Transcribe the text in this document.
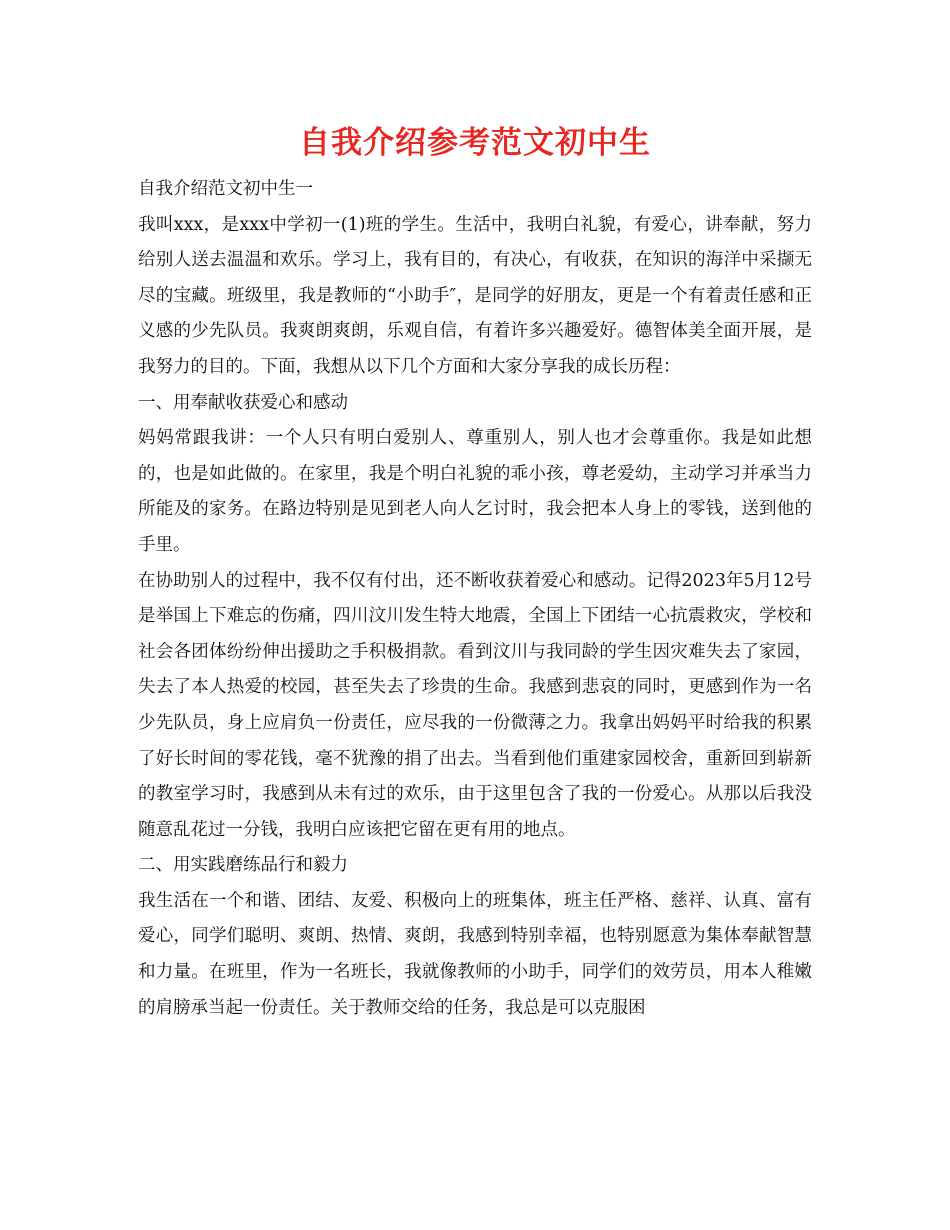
自我介绍参考范文初中生

自我介绍范文初中生一

我叫xxx，是xxx中学初一(1)班的学生。生活中，我明白礼貌，有爱心，讲奉献，努力给别人送去温温和欢乐。学习上，我有目的，有决心，有收获，在知识的海洋中采撷无尽的宝藏。班级里，我是教师的“小助手″，是同学的好朋友，更是一个有着责任感和正义感的少先队员。我爽朗爽朗，乐观自信，有着许多兴趣爱好。德智体美全面开展，是我努力的目的。下面，我想从以下几个方面和大家分享我的成长历程：

一、用奉献收获爱心和感动

妈妈常跟我讲：一个人只有明白爱别人、尊重别人，别人也才会尊重你。我是如此想的，也是如此做的。在家里，我是个明白礼貌的乖小孩，尊老爱幼，主动学习并承当力所能及的家务。在路边特别是见到老人向人乞讨时，我会把本人身上的零钱，送到他的手里。

在协助别人的过程中，我不仅有付出，还不断收获着爱心和感动。记得2023年5月12号是举国上下难忘的伤痛，四川汶川发生特大地震，全国上下团结一心抗震救灾，学校和社会各团体纷纷伸出援助之手积极捐款。看到汶川与我同龄的学生因灾难失去了家园，失去了本人热爱的校园，甚至失去了珍贵的生命。我感到悲哀的同时，更感到作为一名少先队员，身上应肩负一份责任，应尽我的一份微薄之力。我拿出妈妈平时给我的积累了好长时间的零花钱，毫不犹豫的捐了出去。当看到他们重建家园校舍，重新回到崭新的教室学习时，我感到从未有过的欢乐，由于这里包含了我的一份爱心。从那以后我没随意乱花过一分钱，我明白应该把它留在更有用的地点。

二、用实践磨练品行和毅力

我生活在一个和谐、团结、友爱、积极向上的班集体，班主任严格、慈祥、认真、富有爱心，同学们聪明、爽朗、热情、爽朗，我感到特别幸福，也特别愿意为集体奉献智慧和力量。在班里，作为一名班长，我就像教师的小助手，同学们的效劳员，用本人稚嫩的肩膀承当起一份责任。关于教师交给的任务，我总是可以克服困
